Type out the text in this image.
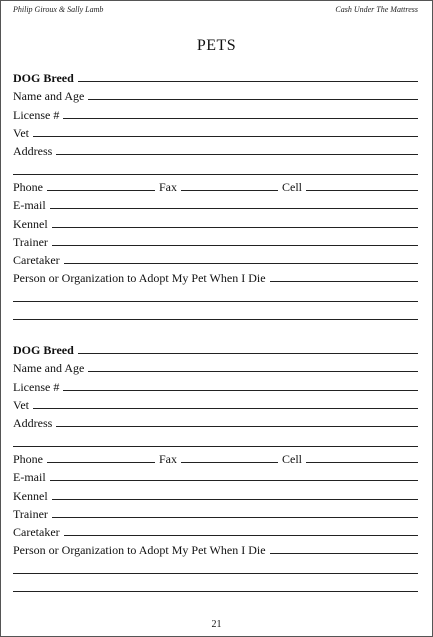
Philip Giroux & Sally Lamb	Cash Under The Mattress
PETS
DOG Breed
Name and Age
License #
Vet
Address
Phone	Fax	Cell
E-mail
Kennel
Trainer
Caretaker
Person or Organization to Adopt My Pet When I Die
DOG Breed
Name and Age
License #
Vet
Address
Phone	Fax	Cell
E-mail
Kennel
Trainer
Caretaker
Person or Organization to Adopt My Pet When I Die
21
